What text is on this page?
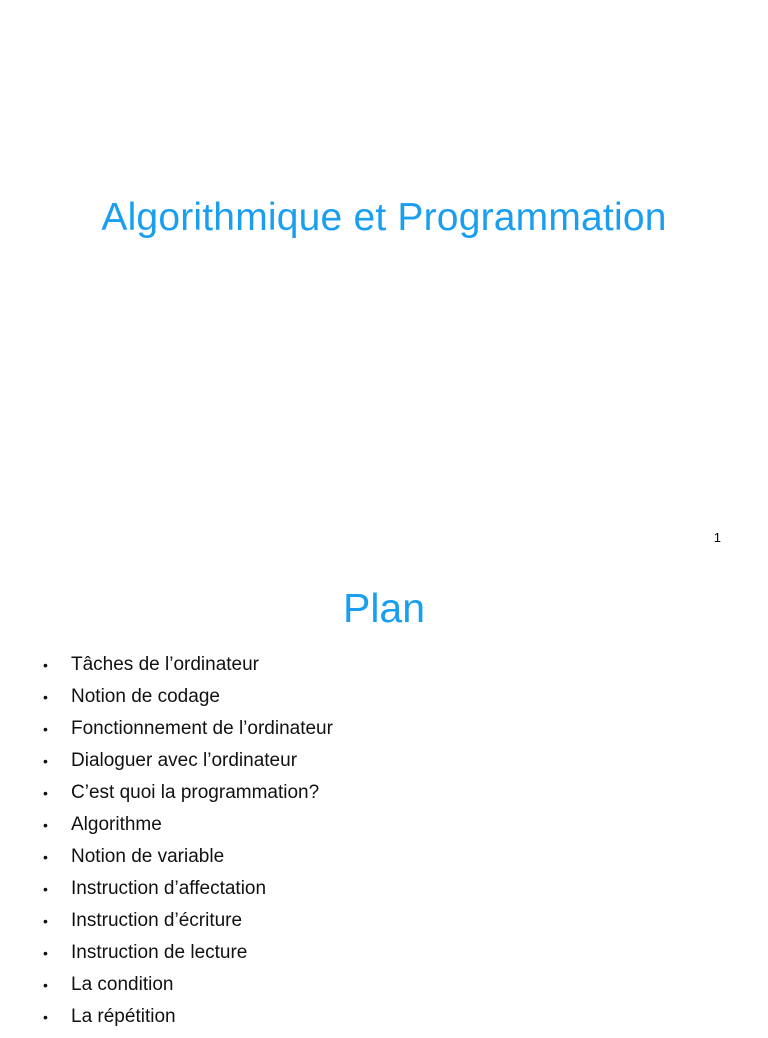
Algorithmique et Programmation
1
Plan
• Tâches de l’ordinateur
• Notion de codage
• Fonctionnement de l’ordinateur
• Dialoguer avec l’ordinateur
• C’est quoi la programmation?
• Algorithme
• Notion de variable
• Instruction d’affectation
• Instruction d’écriture
• Instruction de lecture
• La condition
• La répétition
